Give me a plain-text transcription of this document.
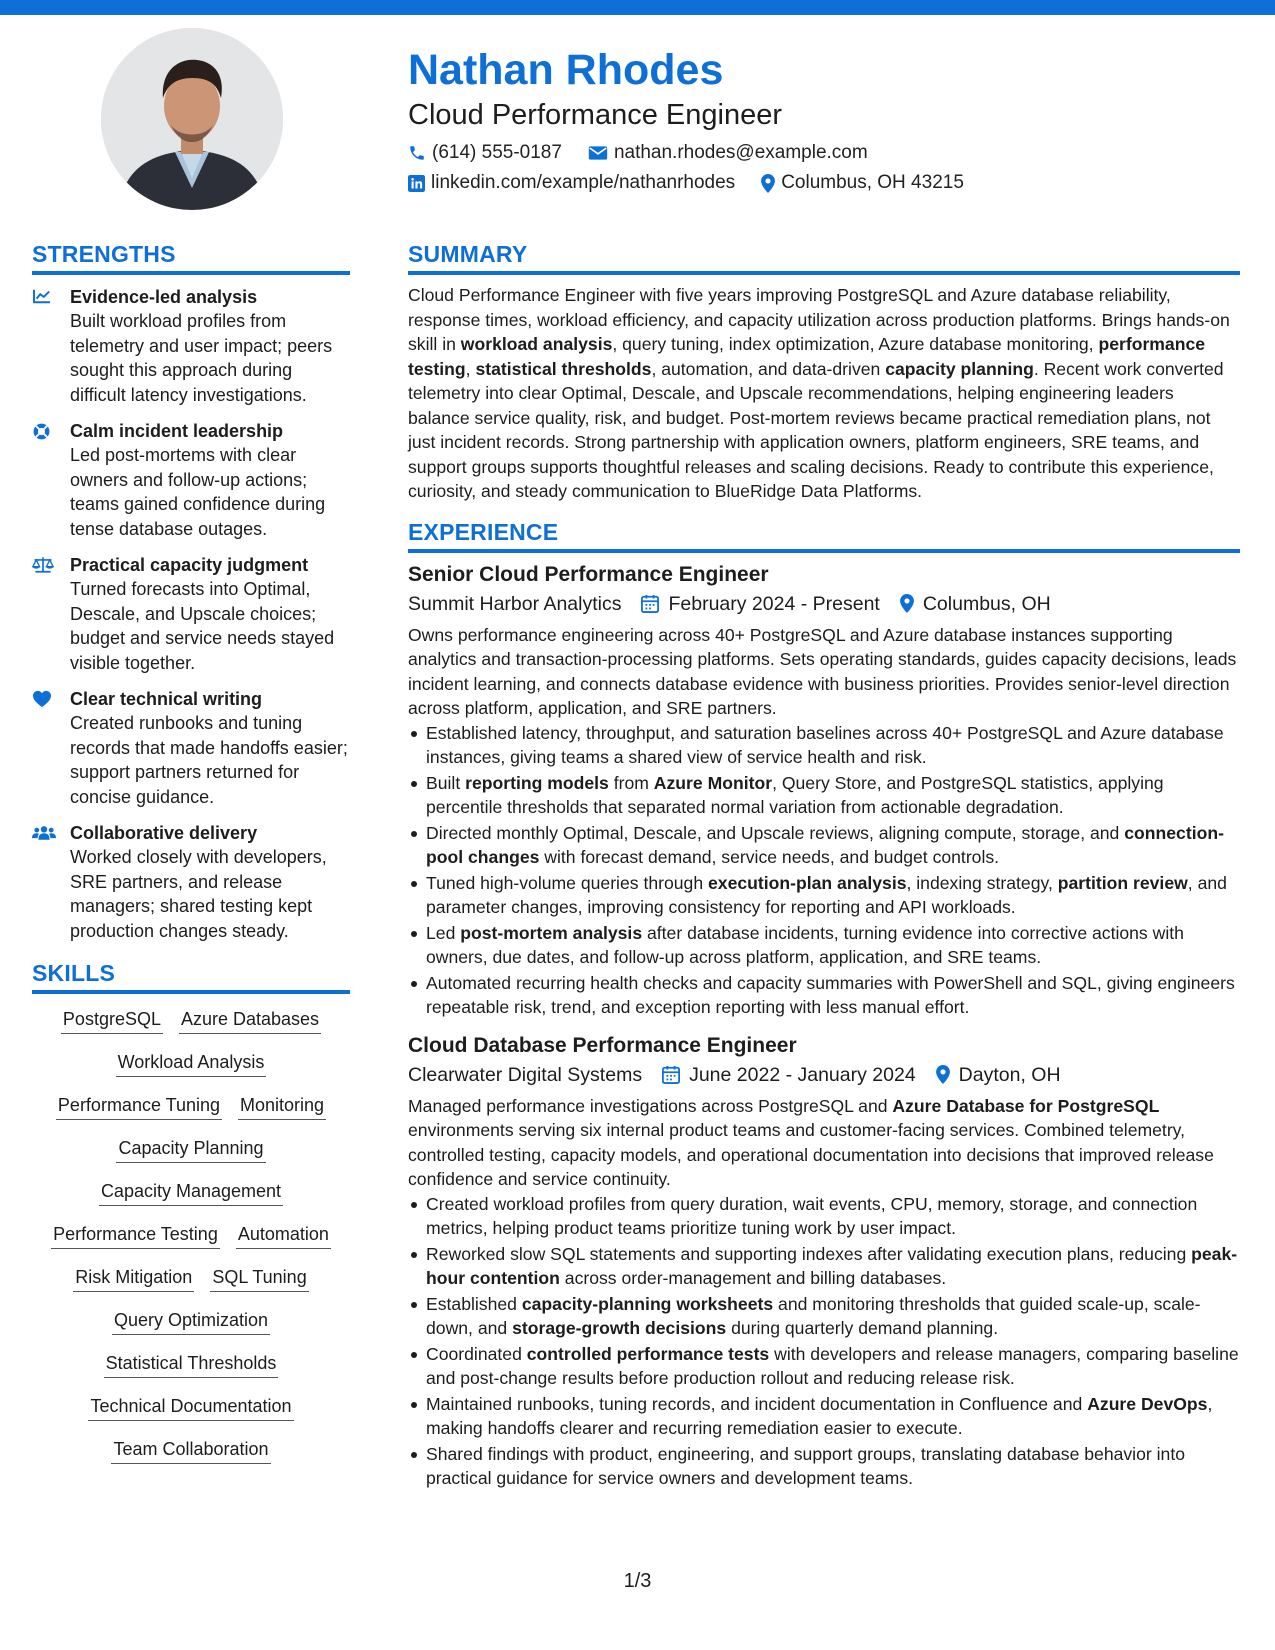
Nathan Rhodes
Cloud Performance Engineer
(614) 555-0187	nathan.rhodes@example.com
linkedin.com/example/nathanrhodes Columbus, OH 43215
STRENGTHS
Evidence-led analysis
Built workload profiles from telemetry and user impact; peers sought this approach during difficult latency investigations.
Calm incident leadership
Led post-mortems with clear owners and follow-up actions; teams gained confidence during tense database outages.
Practical capacity judgment
Turned forecasts into Optimal, Descale, and Upscale choices; budget and service needs stayed visible together.
Clear technical writing
Created runbooks and tuning records that made handoffs easier; support partners returned for concise guidance.
Collaborative delivery
Worked closely with developers, SRE partners, and release managers; shared testing kept production changes steady.
SKILLS
PostgreSQL Azure Databases
Workload Analysis
Performance Tuning Monitoring
Capacity Planning
Capacity Management
Performance Testing Automation
Risk Mitigation SQL Tuning
Query Optimization
Statistical Thresholds
Technical Documentation
Team Collaboration
SUMMARY
Cloud Performance Engineer with five years improving PostgreSQL and Azure database reliability, response times, workload efficiency, and capacity utilization across production platforms. Brings hands-on skill in workload analysis, query tuning, index optimization, Azure database monitoring, performance testing, statistical thresholds, automation, and data-driven capacity planning. Recent work converted telemetry into clear Optimal, Descale, and Upscale recommendations, helping engineering leaders balance service quality, risk, and budget. Post-mortem reviews became practical remediation plans, not just incident records. Strong partnership with application owners, platform engineers, SRE teams, and support groups supports thoughtful releases and scaling decisions. Ready to contribute this experience, curiosity, and steady communication to BlueRidge Data Platforms.
EXPERIENCE
Senior Cloud Performance Engineer
Summit Harbor Analytics February 2024 - Present Columbus, OH
Owns performance engineering across 40+ PostgreSQL and Azure database instances supporting analytics and transaction-processing platforms. Sets operating standards, guides capacity decisions, leads incident learning, and connects database evidence with business priorities. Provides senior-level direction across platform, application, and SRE partners.
Established latency, throughput, and saturation baselines across 40+ PostgreSQL and Azure database instances, giving teams a shared view of service health and risk.
Built reporting models from Azure Monitor, Query Store, and PostgreSQL statistics, applying percentile thresholds that separated normal variation from actionable degradation.
Directed monthly Optimal, Descale, and Upscale reviews, aligning compute, storage, and connection-pool changes with forecast demand, service needs, and budget controls.
Tuned high-volume queries through execution-plan analysis, indexing strategy, partition review, and parameter changes, improving consistency for reporting and API workloads.
Led post-mortem analysis after database incidents, turning evidence into corrective actions with owners, due dates, and follow-up across platform, application, and SRE teams.
Automated recurring health checks and capacity summaries with PowerShell and SQL, giving engineers repeatable risk, trend, and exception reporting with less manual effort.
Cloud Database Performance Engineer
Clearwater Digital Systems June 2022 - January 2024 Dayton, OH
Managed performance investigations across PostgreSQL and Azure Database for PostgreSQL environments serving six internal product teams and customer-facing services. Combined telemetry, controlled testing, capacity models, and operational documentation into decisions that improved release confidence and service continuity.
Created workload profiles from query duration, wait events, CPU, memory, storage, and connection metrics, helping product teams prioritize tuning work by user impact.
Reworked slow SQL statements and supporting indexes after validating execution plans, reducing peak-hour contention across order-management and billing databases.
Established capacity-planning worksheets and monitoring thresholds that guided scale-up, scale-down, and storage-growth decisions during quarterly demand planning.
Coordinated controlled performance tests with developers and release managers, comparing baseline and post-change results before production rollout and reducing release risk.
Maintained runbooks, tuning records, and incident documentation in Confluence and Azure DevOps, making handoffs clearer and recurring remediation easier to execute.
Shared findings with product, engineering, and support groups, translating database behavior into practical guidance for service owners and development teams.
1/3
